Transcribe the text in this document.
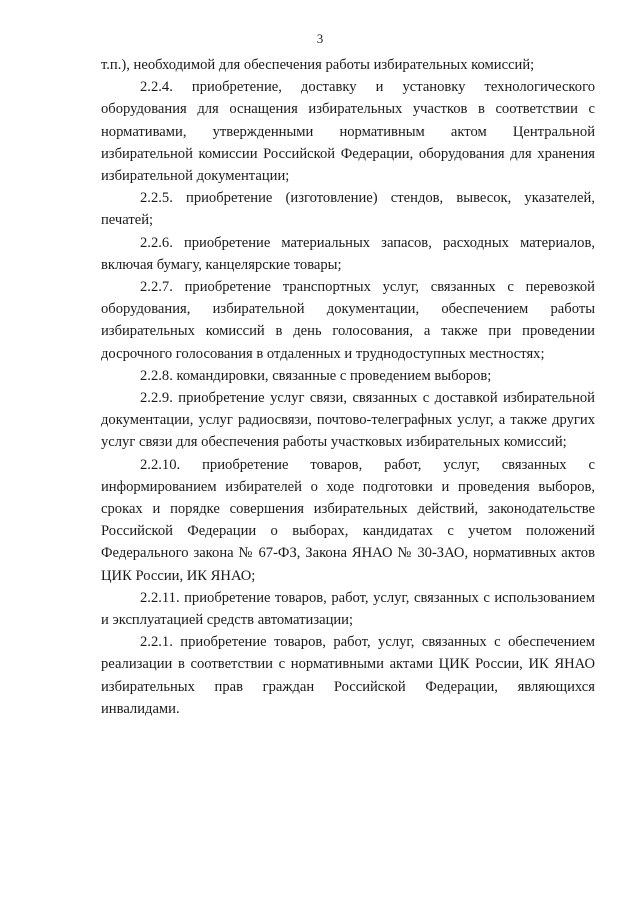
3

т.п.), необходимой для обеспечения работы избирательных комиссий;

2.2.4. приобретение, доставку и установку технологического оборудования для оснащения избирательных участков в соответствии с нормативами, утвержденными нормативным актом Центральной избирательной комиссии Российской Федерации, оборудования для хранения избирательной документации;

2.2.5. приобретение (изготовление) стендов, вывесок, указателей, печатей;

2.2.6. приобретение материальных запасов, расходных материалов, включая бумагу, канцелярские товары;

2.2.7. приобретение транспортных услуг, связанных с перевозкой оборудования, избирательной документации, обеспечением работы избирательных комиссий в день голосования, а также при проведении досрочного голосования в отдаленных и труднодоступных местностях;

2.2.8. командировки, связанные с проведением выборов;

2.2.9. приобретение услуг связи, связанных с доставкой избирательной документации, услуг радиосвязи, почтово-телеграфных услуг, а также других услуг связи для обеспечения работы участковых избирательных комиссий;

2.2.10. приобретение товаров, работ, услуг, связанных с информированием избирателей о ходе подготовки и проведения выборов, сроках и порядке совершения избирательных действий, законодательстве Российской Федерации о выборах, кандидатах с учетом положений Федерального закона № 67-ФЗ, Закона ЯНАО № 30-ЗАО, нормативных актов ЦИК России, ИК ЯНАО;

2.2.11. приобретение товаров, работ, услуг, связанных с использованием и эксплуатацией средств автоматизации;

2.2.1. приобретение товаров, работ, услуг, связанных с обеспечением реализации в соответствии с нормативными актами ЦИК России, ИК ЯНАО избирательных прав граждан Российской Федерации, являющихся инвалидами.
